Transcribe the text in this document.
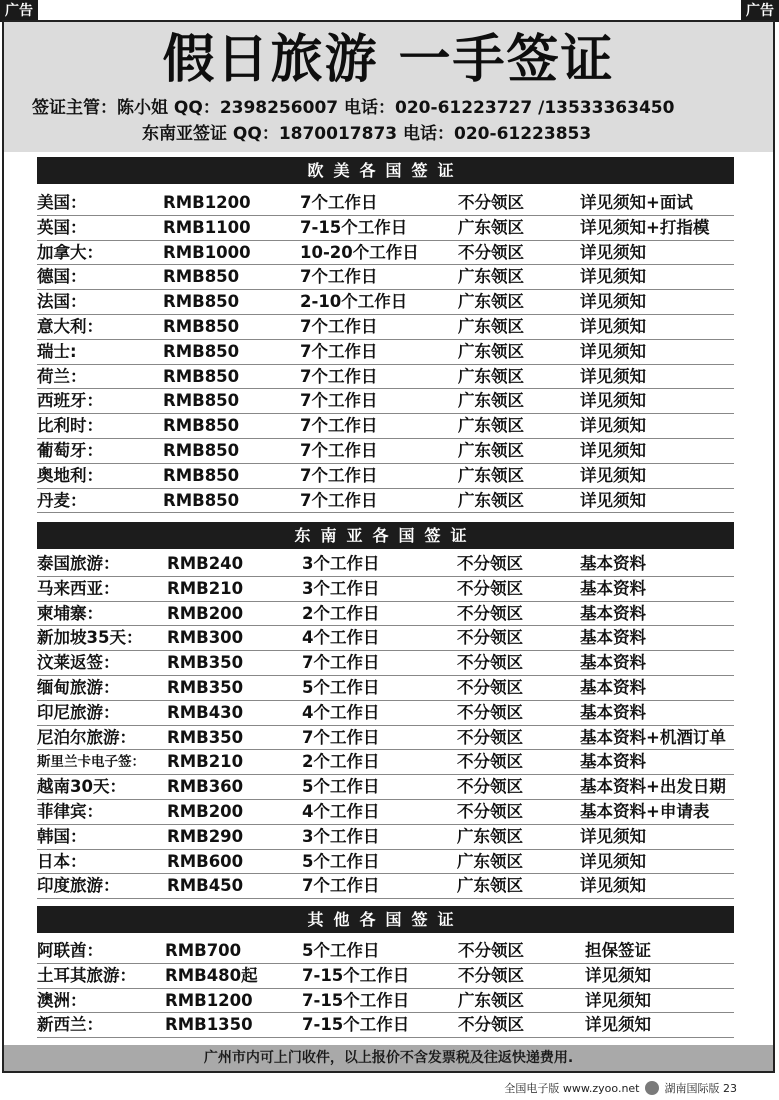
广告	广告
假日旅游 一手签证
签证主管：陈小姐 QQ：2398256007 电话：020-61223727 /13533363450
东南亚签证 QQ：1870017873 电话：020-61223853
欧美各国签证
美国：	RMB1200	7个工作日	不分领区	详见须知+面试
英国：	RMB1100	7-15个工作日	广东领区	详见须知+打指模
加拿大：	RMB1000	10-20个工作日 不分领区	详见须知
德国：	RMB850	7个工作日	广东领区	详见须知
法国：	RMB850	2-10个工作日	广东领区	详见须知
意大利：	RMB850	7个工作日	广东领区	详见须知
瑞士:	RMB850	7个工作日	广东领区	详见须知
荷兰：	RMB850	7个工作日	广东领区	详见须知
西班牙：	RMB850	7个工作日	广东领区	详见须知
比利时：	RMB850	7个工作日	广东领区	详见须知
葡萄牙：	RMB850	7个工作日	广东领区	详见须知
奥地利：	RMB850	7个工作日	广东领区	详见须知
丹麦：	RMB850	7个工作日	广东领区	详见须知
东南亚各国签证
泰国旅游：	RMB240	3个工作日	不分领区	基本资料
马来西亚：	RMB210	3个工作日	不分领区	基本资料
柬埔寨：	RMB200	2个工作日	不分领区	基本资料
新加坡35天： RMB300	4个工作日	不分领区	基本资料
汶莱返签：	RMB350	7个工作日	不分领区	基本资料
缅甸旅游：	RMB350	5个工作日	不分领区	基本资料
印尼旅游：	RMB430	4个工作日	不分领区	基本资料
尼泊尔旅游： RMB350	7个工作日	不分领区	基本资料+机酒订单
斯里兰卡电子签： RMB210	2个工作日	不分领区	基本资料
越南30天： RMB360	5个工作日	不分领区	基本资料+出发日期
菲律宾：	RMB200	4个工作日	不分领区	基本资料+申请表
韩国：	RMB290	3个工作日	广东领区	详见须知
日本：	RMB600	5个工作日	广东领区	详见须知
印度旅游：	RMB450	7个工作日	广东领区	详见须知
其他各国签证
阿联酋：	RMB700	5个工作日	不分领区	担保签证
土耳其旅游： RMB480起	7-15个工作日	不分领区	详见须知
澳洲：	RMB1200	7-15个工作日	广东领区	详见须知
新西兰：	RMB1350	7-15个工作日	不分领区	详见须知
广州市内可上门收件，以上报价不含发票税及往返快递费用.
全国电子版 www.zyoo.net 湖南国际版 23
